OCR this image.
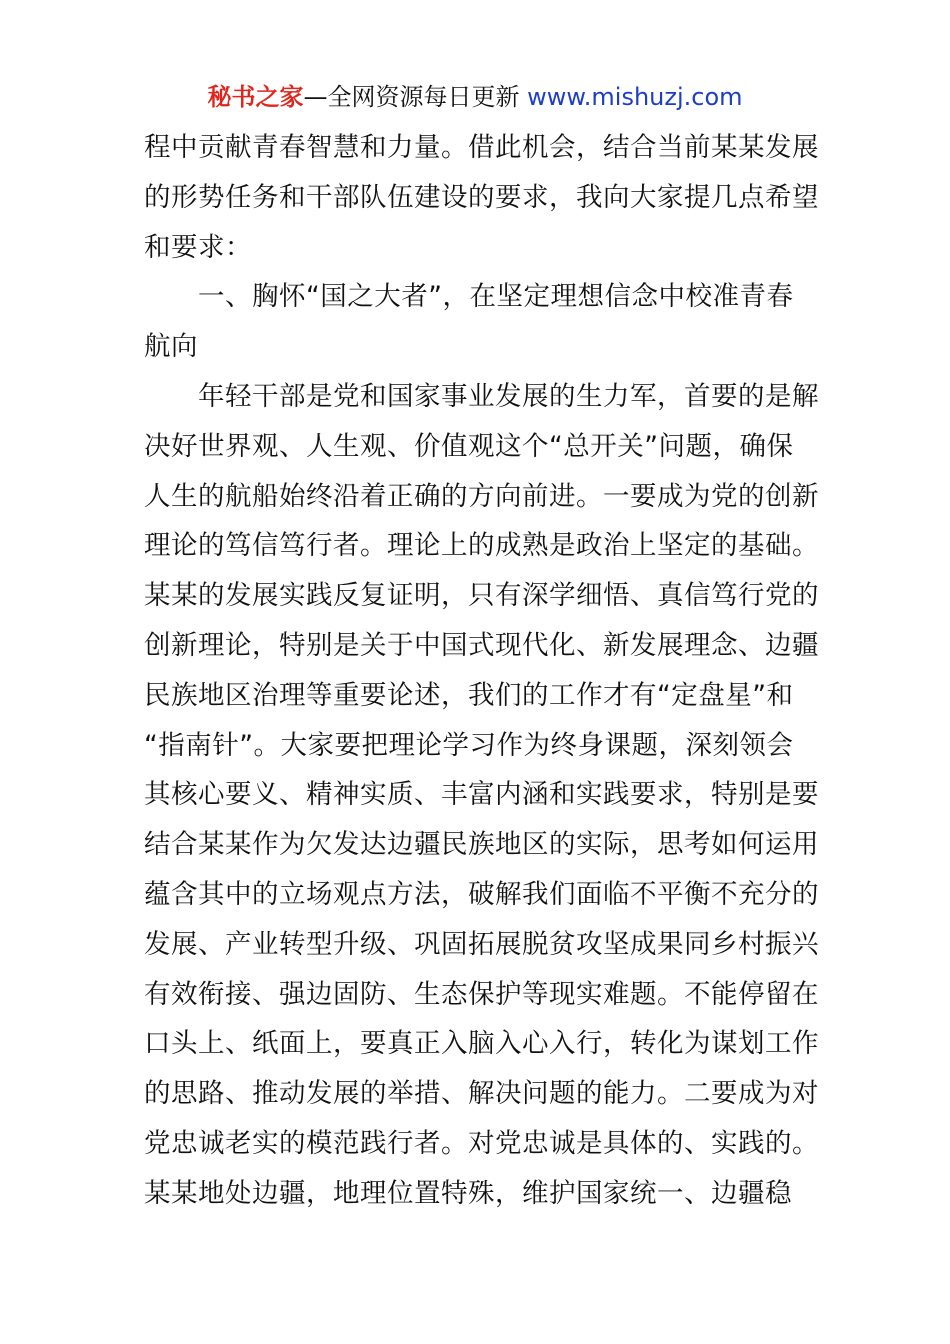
秘书之家—全网资源每日更新 www.mishuzj.com
程中贡献青春智慧和力量。借此机会，结合当前某某发展
的形势任务和干部队伍建设的要求，我向大家提几点希望
和要求：
　　一、胸怀“国之大者”，在坚定理想信念中校准青春
航向
　　年轻干部是党和国家事业发展的生力军，首要的是解
决好世界观、人生观、价值观这个“总开关”问题，确保
人生的航船始终沿着正确的方向前进。一要成为党的创新
理论的笃信笃行者。理论上的成熟是政治上坚定的基础。
某某的发展实践反复证明，只有深学细悟、真信笃行党的
创新理论，特别是关于中国式现代化、新发展理念、边疆
民族地区治理等重要论述，我们的工作才有“定盘星”和
“指南针”。大家要把理论学习作为终身课题，深刻领会
其核心要义、精神实质、丰富内涵和实践要求，特别是要
结合某某作为欠发达边疆民族地区的实际，思考如何运用
蕴含其中的立场观点方法，破解我们面临不平衡不充分的
发展、产业转型升级、巩固拓展脱贫攻坚成果同乡村振兴
有效衔接、强边固防、生态保护等现实难题。不能停留在
口头上、纸面上，要真正入脑入心入行，转化为谋划工作
的思路、推动发展的举措、解决问题的能力。二要成为对
党忠诚老实的模范践行者。对党忠诚是具体的、实践的。
某某地处边疆，地理位置特殊，维护国家统一、边疆稳
